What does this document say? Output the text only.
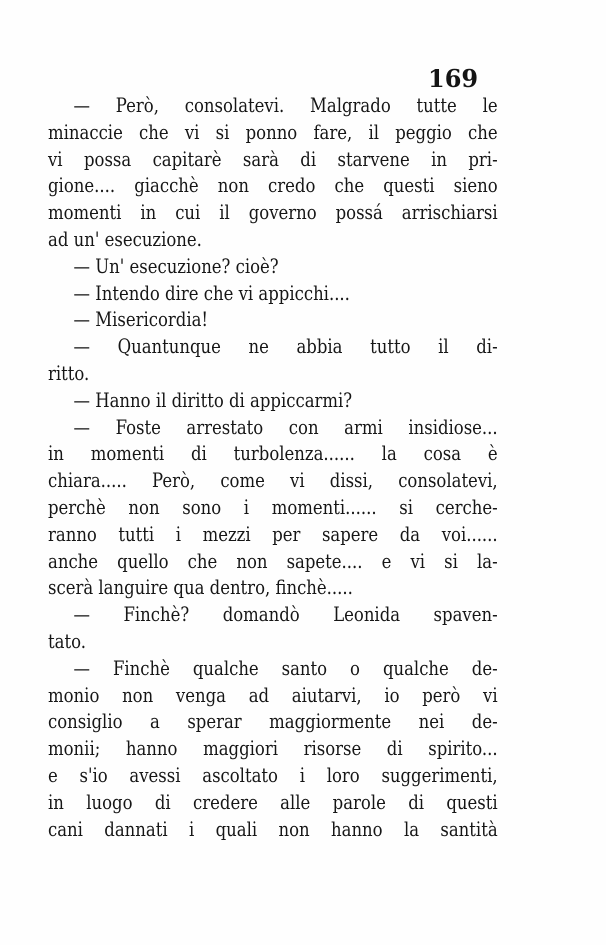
169
— Però, consolatevi. Malgrado tutte le
minaccie che vi si ponno fare, il peggio che
vi possa capitarè sarà di starvene in pri-
gione.... giacchè non credo che questi sieno
momenti in cui il governo possá arrischiarsi
ad un' esecuzione.
— Un' esecuzione? cioè?
— Intendo dire che vi appicchi....
— Misericordia!
— Quantunque ne abbia tutto il di-
ritto.
— Hanno il diritto di appiccarmi?
— Foste arrestato con armi insidiose...
in momenti di turbolenza...... la cosa è
chiara..... Però, come vi dissi, consolatevi,
perchè non sono i momenti...... si cerche-
ranno tutti i mezzi per sapere da voi......
anche quello che non sapete.... e vi si la-
scerà languire qua dentro, finchè.....
— Finchè? domandò Leonida spaven-
tato.
— Finchè qualche santo o qualche de-
monio non venga ad aiutarvi, io però vi
consiglio a sperar maggiormente nei de-
monii; hanno maggiori risorse di spirito...
e s'io avessi ascoltato i loro suggerimenti,
in luogo di credere alle parole di questi
cani dannati i quali non hanno la santità
